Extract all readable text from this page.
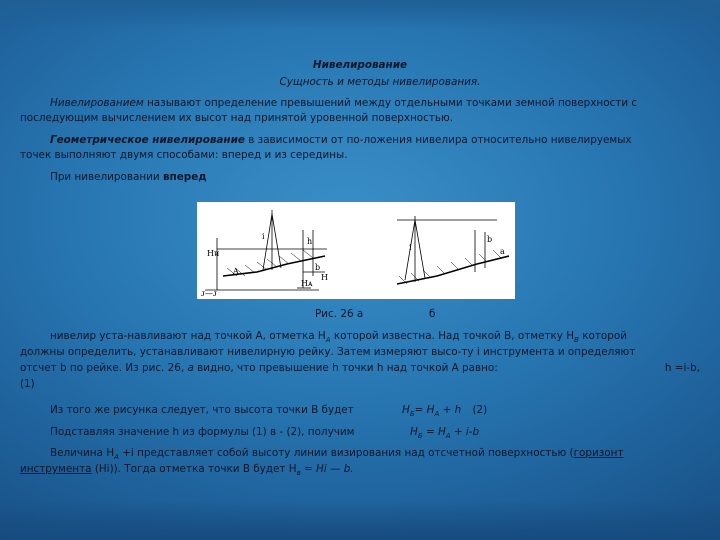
Нивелирование

Сущность и методы нивелирования.

Нивелированием называют определение превышений между отдельными точками земной поверхности с

последующим вычислением их высот над принятой уровенной поверхностью.

Геометрическое нивелирование в зависимости от по-ложения нивелира относительно нивелируемых

точек выполняют двумя способами: вперед и из середины.

При нивелировании вперед

Hᴎ
A
i
h
b
H
Hᴀ
ᴊ—ᴊ
i
b
a
Рис. 26 а	б

нивелир уста-навливают над точкой А, отметка $H_A$ которой известна. Над точкой B, отметку $H_B$ которой

должны определить, устанавливают нивелирную рейку. Затем измеряют высо-ту i инструмента и определяют

отсчет b по рейке. Из рис. 26, а видно, что превышение h точки h над точкой А равно:	h =i-b,

(1)

Из того же рисунка следует, что высота точки В будет	$H_Б= H_A + h$ (2)

Подставляя значение h из формулы (1) в - (2), получим	$H_Б = H_A + i-b$

Величина $H_A +i$ представляет собой высоту линии визирования над отсчетной поверхностью (горизонт

инструмента (Hi)). Тогда отметка точки B будет $H_в = Hi$ — b.
